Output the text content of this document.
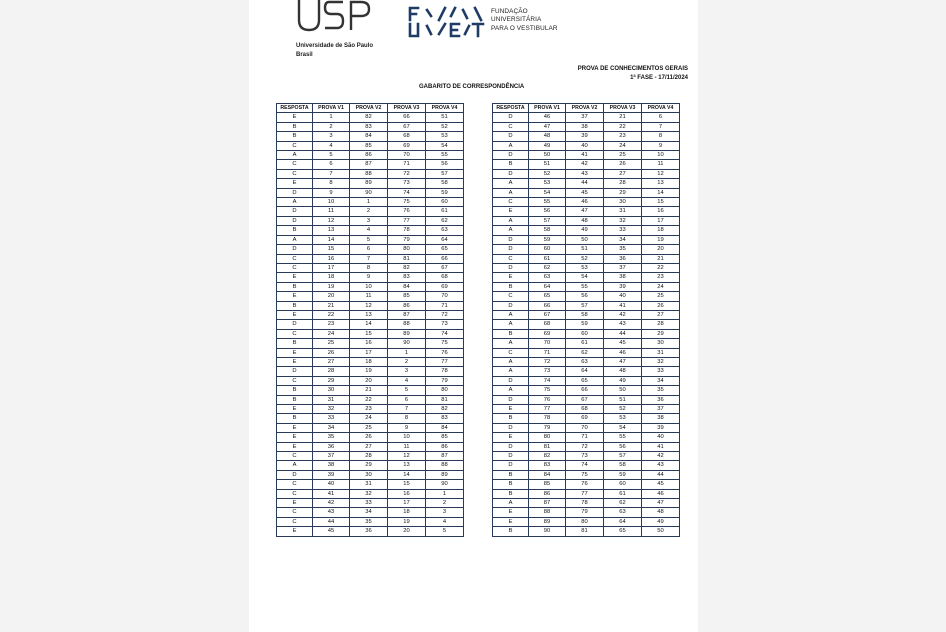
Universidade de São Paulo
Brasil
FUNDAÇÃO
UNIVERSITÁRIA
PARA O VESTIBULAR
PROVA DE CONHECIMENTOS GERAIS
1ª FASE - 17/11/2024
GABARITO DE CORRESPONDÊNCIA
RESPOSTA	PROVA V1	PROVA V2	PROVA V3	PROVA V4
E	1	82	66	51
B	2	83	67	52
B	3	84	68	53
C	4	85	69	54
A	5	86	70	55
C	6	87	71	56
C	7	88	72	57
E	8	89	73	58
D	9	90	74	59
A	10	1	75	60
D	11	2	76	61
D	12	3	77	62
B	13	4	78	63
A	14	5	79	64
D	15	6	80	65
C	16	7	81	66
C	17	8	82	67
E	18	9	83	68
B	19	10	84	69
E	20	11	85	70
B	21	12	86	71
E	22	13	87	72
D	23	14	88	73
C	24	15	89	74
B	25	16	90	75
E	26	17	1	76
E	27	18	2	77
D	28	19	3	78
C	29	20	4	79
B	30	21	5	80
B	31	22	6	81
E	32	23	7	82
B	33	24	8	83
E	34	25	9	84
E	35	26	10	85
E	36	27	11	86
C	37	28	12	87
A	38	29	13	88
D	39	30	14	89
C	40	31	15	90
C	41	32	16	1
E	42	33	17	2
C	43	34	18	3
C	44	35	19	4
E	45	36	20	5
RESPOSTA	PROVA V1	PROVA V2	PROVA V3	PROVA V4
D	46	37	21	6
C	47	38	22	7
D	48	39	23	8
A	49	40	24	9
D	50	41	25	10
B	51	42	26	11
D	52	43	27	12
A	53	44	28	13
A	54	45	29	14
C	55	46	30	15
E	56	47	31	16
A	57	48	32	17
A	58	49	33	18
D	59	50	34	19
D	60	51	35	20
C	61	52	36	21
D	62	53	37	22
E	63	54	38	23
B	64	55	39	24
C	65	56	40	25
D	66	57	41	26
A	67	58	42	27
A	68	59	43	28
B	69	60	44	29
A	70	61	45	30
C	71	62	46	31
A	72	63	47	32
A	73	64	48	33
D	74	65	49	34
A	75	66	50	35
D	76	67	51	36
E	77	68	52	37
B	78	69	53	38
D	79	70	54	39
E	80	71	55	40
D	81	72	56	41
D	82	73	57	42
D	83	74	58	43
B	84	75	59	44
B	85	76	60	45
B	86	77	61	46
A	87	78	62	47
E	88	79	63	48
E	89	80	64	49
B	90	81	65	50
